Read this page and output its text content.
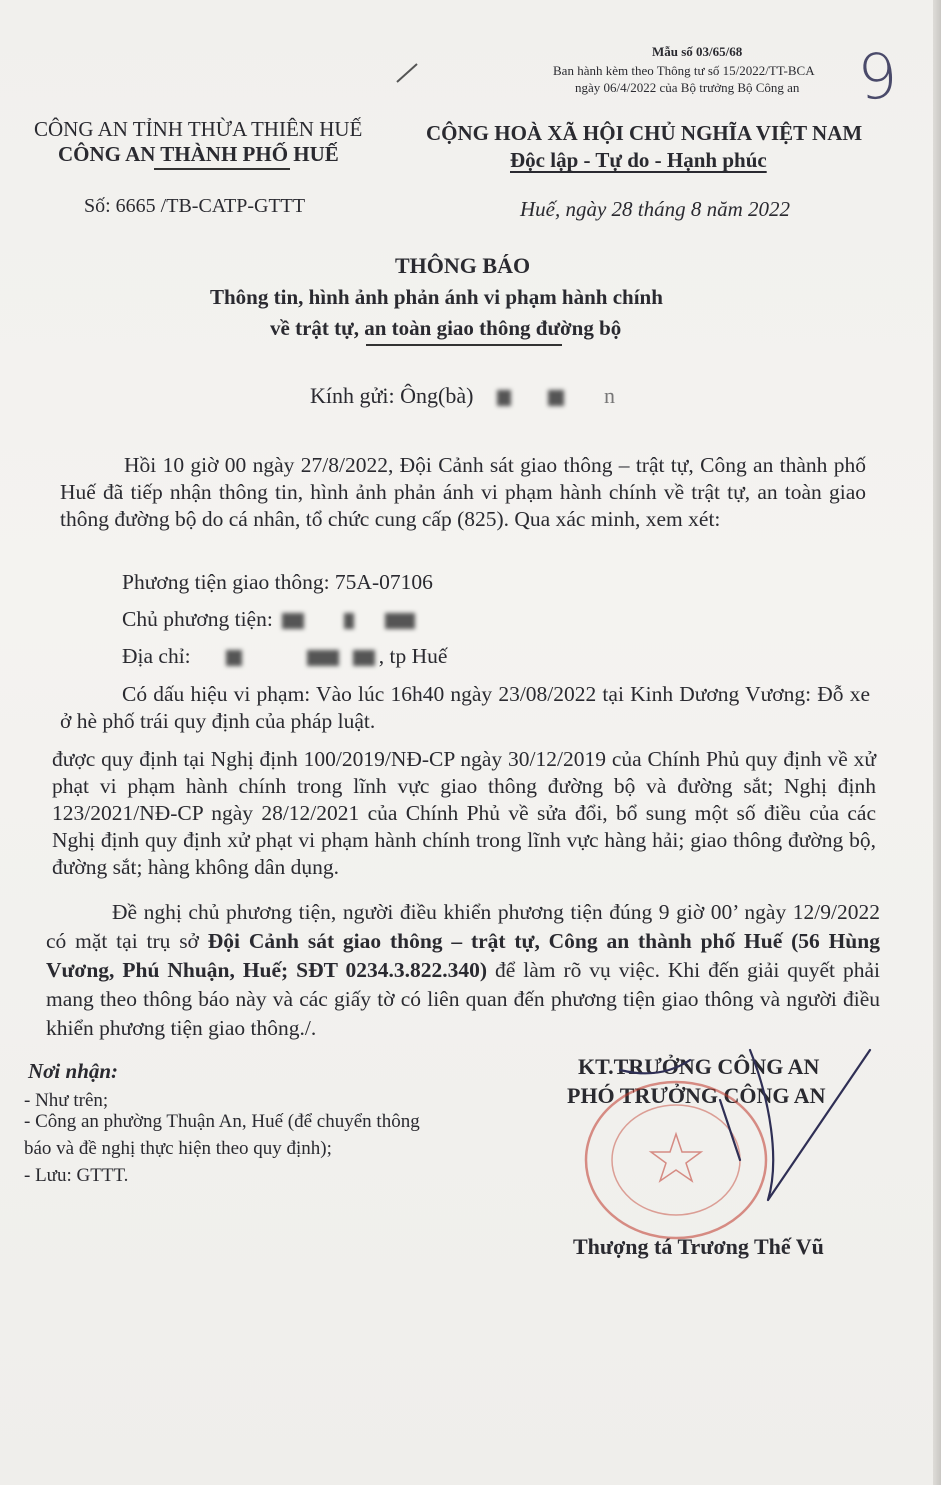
Mẫu số 03/65/68
Ban hành kèm theo Thông tư số 15/2022/TT-BCA
ngày 06/4/2022 của Bộ trưởng Bộ Công an 9
CÔNG AN TỈNH THỪA THIÊN HUẾ
CÔNG AN THÀNH PHỐ HUẾ
CỘNG HOÀ XÃ HỘI CHỦ NGHĨA VIỆT NAM
Độc lập - Tự do - Hạnh phúc
Số: 6665 /TB-CATP-GTTT	Huế, ngày 28 tháng 8 năm 2022
THÔNG BÁO
Thông tin, hình ảnh phản ánh vi phạm hành chính
về trật tự, an toàn giao thông đường bộ
Kính gửi: Ông(bà)	n
Hồi 10 giờ 00 ngày 27/8/2022, Đội Cảnh sát giao thông – trật tự, Công an thành phố Huế đã tiếp nhận thông tin, hình ảnh phản ánh vi phạm hành chính về trật tự, an toàn giao thông đường bộ do cá nhân, tổ chức cung cấp (825). Qua xác minh, xem xét:
Phương tiện giao thông: 75A-07106
Chủ phương tiện:
Địa chỉ:	, tp Huế
Có dấu hiệu vi phạm: Vào lúc 16h40 ngày 23/08/2022 tại Kinh Dương Vương: Đỗ xe ở hè phố trái quy định của pháp luật.
được quy định tại Nghị định 100/2019/NĐ-CP ngày 30/12/2019 của Chính Phủ quy định về xử phạt vi phạm hành chính trong lĩnh vực giao thông đường bộ và đường sắt; Nghị định 123/2021/NĐ-CP ngày 28/12/2021 của Chính Phủ về sửa đổi, bổ sung một số điều của các Nghị định quy định xử phạt vi phạm hành chính trong lĩnh vực hàng hải; giao thông đường bộ, đường sắt; hàng không dân dụng.
Đề nghị chủ phương tiện, người điều khiển phương tiện đúng 9 giờ 00’ ngày 12/9/2022 có mặt tại trụ sở Đội Cảnh sát giao thông – trật tự, Công an thành phố Huế (56 Hùng Vương, Phú Nhuận, Huế; SĐT 0234.3.822.340) để làm rõ vụ việc. Khi đến giải quyết phải mang theo thông báo này và các giấy tờ có liên quan đến phương tiện giao thông và người điều khiển phương tiện giao thông./.
Nơi nhận:
- Như trên;
- Công an phường Thuận An, Huế (để chuyển thông
báo và đề nghị thực hiện theo quy định);
- Lưu: GTTT.
KT.TRƯỞNG CÔNG AN
PHÓ TRƯỞNG CÔNG AN
Thượng tá Trương Thế Vũ
